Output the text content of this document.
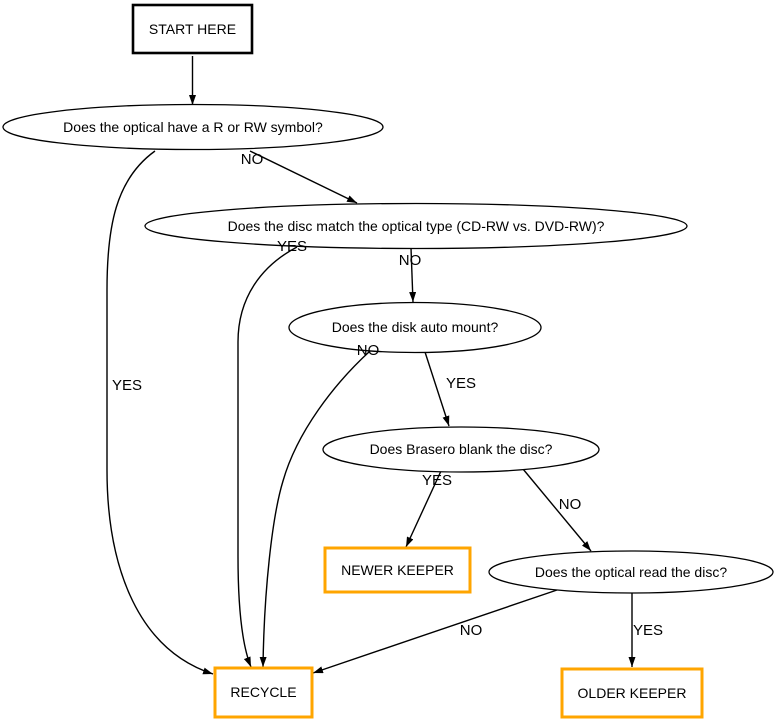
START HERE
Does the optical have a R or RW symbol?
Does the disc match the optical type (CD-RW vs. DVD-RW)?
Does the disk auto mount?
Does Brasero blank the disc?
Does the optical read the disc?
NEWER KEEPER
RECYCLE	OLDER KEEPER
NO
YES
NO
YES
YES
NO
YES
NO
YES
NO
